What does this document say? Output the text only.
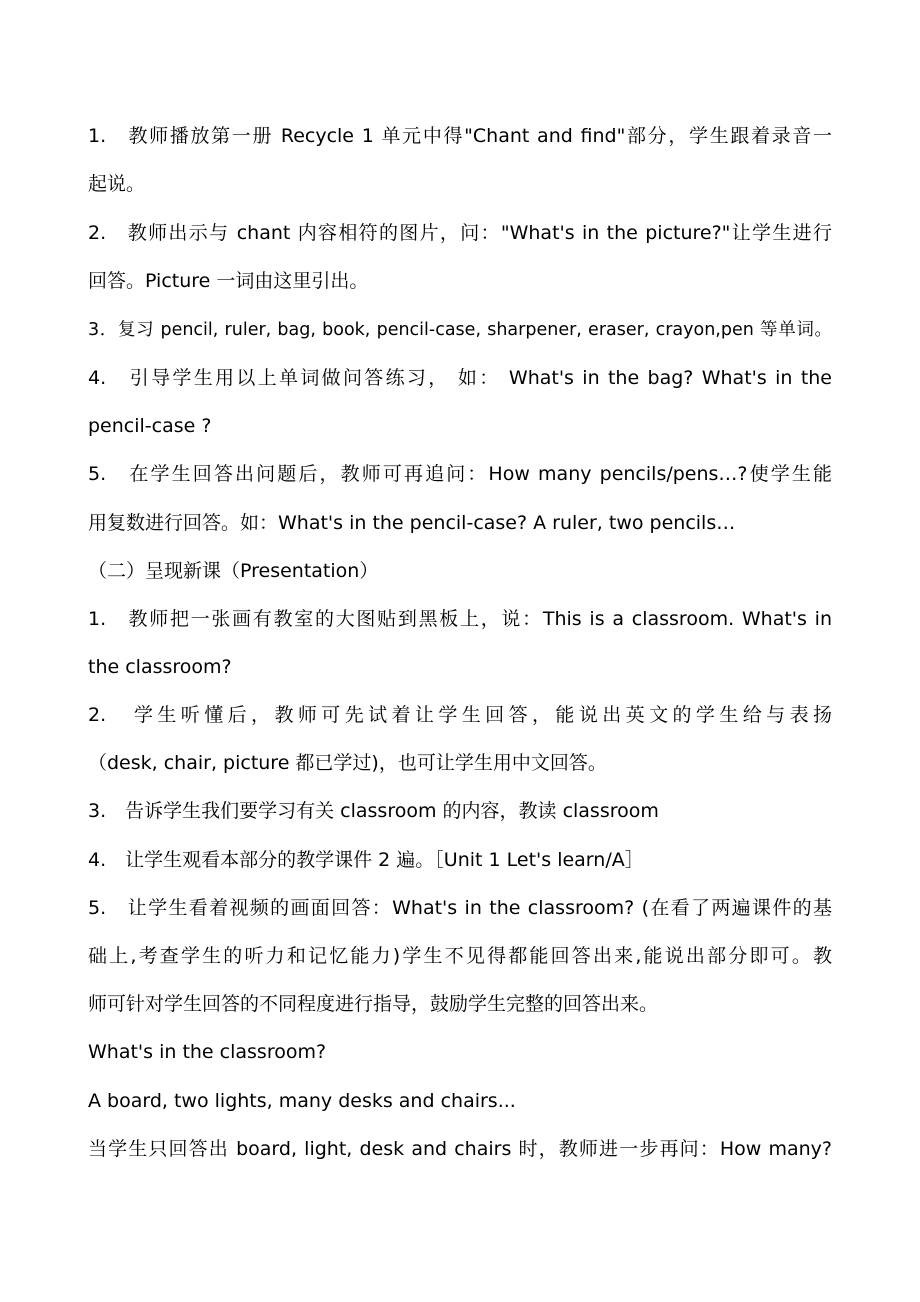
1.　教师播放第一册 Recycle 1 单元中得"Chant and find"部分，学生跟着录音一
起说。
2.　教师出示与 chant 内容相符的图片，问："What's in the picture?"让学生进行
回答。Picture 一词由这里引出。
3．复习 pencil, ruler, bag, book, pencil-case, sharpener, eraser, crayon,pen 等单词。
4.　引导学生用以上单词做问答练习， 如： What's in the bag? What's in the
pencil-case ?
5.　在学生回答出问题后，教师可再追问：How many pencils/pens…?使学生能
用复数进行回答。如：What's in the pencil-case? A ruler, two pencils…
（二）呈现新课（Presentation）
1.　教师把一张画有教室的大图贴到黑板上，说：This is a classroom. What's in
the classroom?
2.　学生听懂后，教师可先试着让学生回答，能说出英文的学生给与表扬
（desk, chair, picture 都已学过)，也可让学生用中文回答。
3.　告诉学生我们要学习有关 classroom 的内容，教读 classroom
4.　让学生观看本部分的教学课件 2 遍。［Unit 1 Let's learn/A］
5.　让学生看着视频的画面回答：What's in the classroom? (在看了两遍课件的基
础上,考查学生的听力和记忆能力)学生不见得都能回答出来,能说出部分即可。教
师可针对学生回答的不同程度进行指导，鼓励学生完整的回答出来。
What's in the classroom?
A board, two lights, many desks and chairs...
当学生只回答出 board, light, desk and chairs 时，教师进一步再问：How many?
